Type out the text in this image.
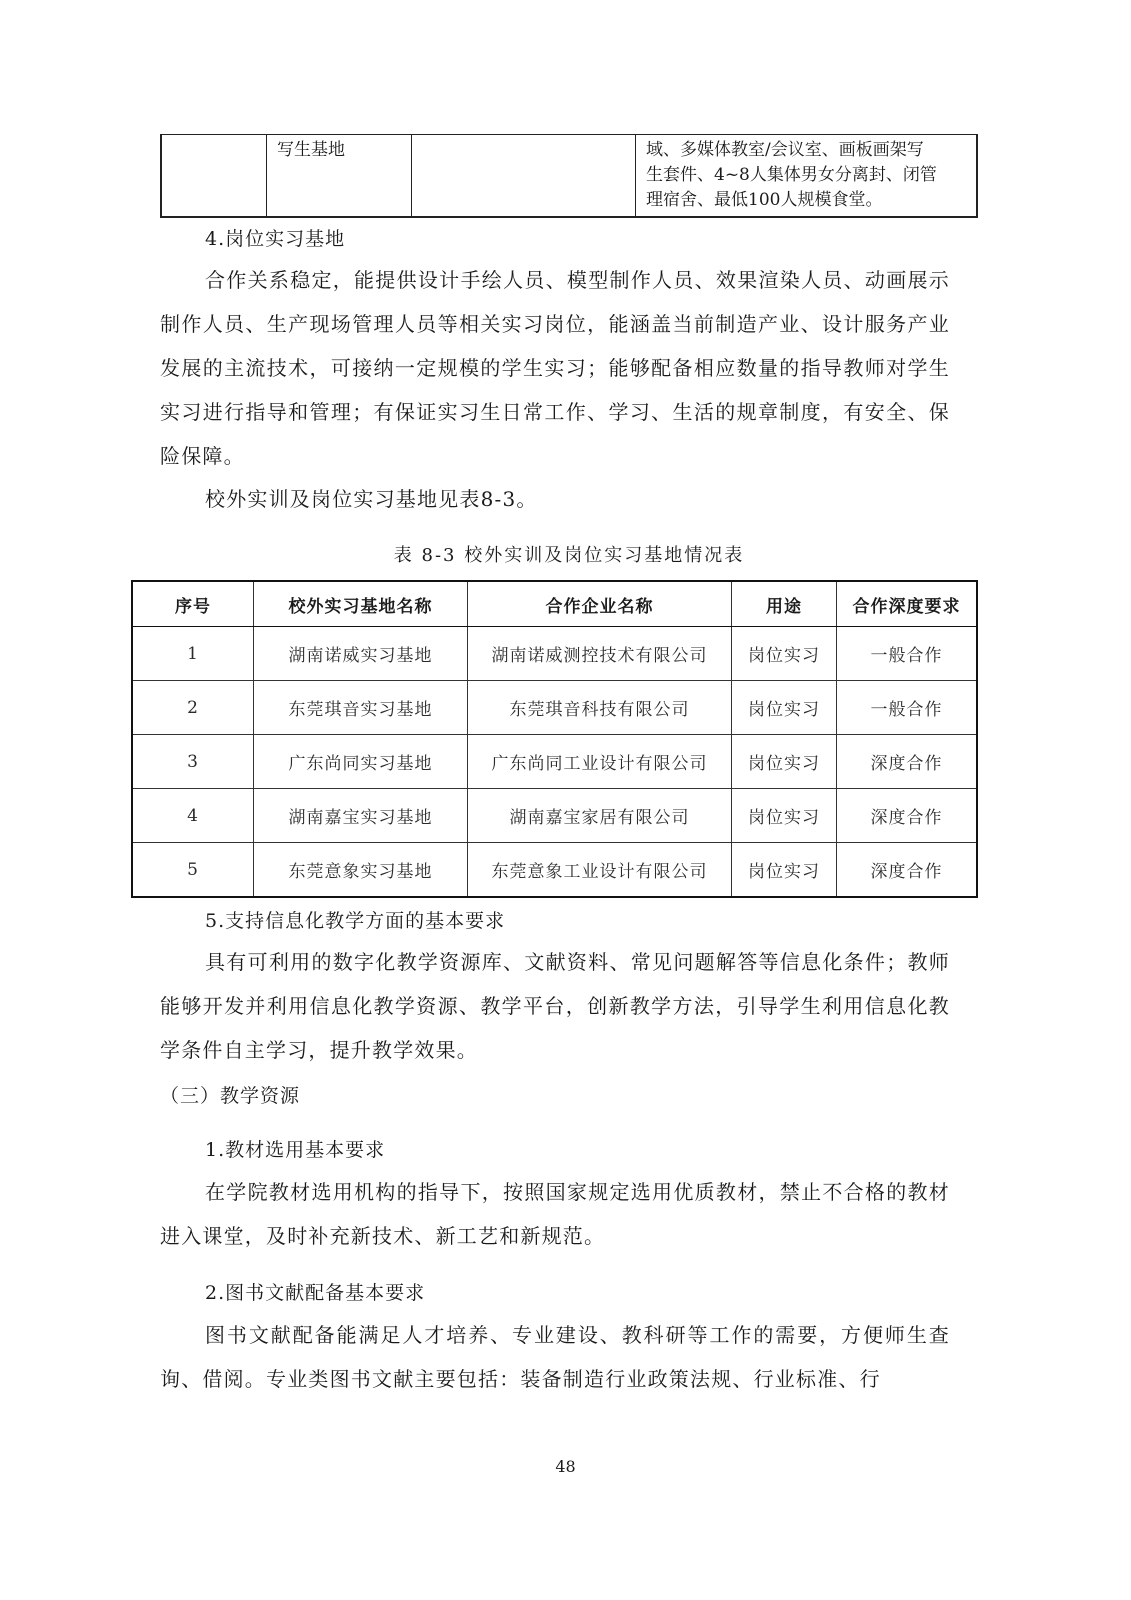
	写生基地		域、多媒体教室/会议室、画板画架写
生套件、4~8人集体男女分离封、闭管
理宿舍、最低100人规模食堂。
4.岗位实习基地
合作关系稳定，能提供设计手绘人员、模型制作人员、效果渲染人员、动画展示制作人员、生产现场管理人员等相关实习岗位，能涵盖当前制造产业、设计服务产业发展的主流技术，可接纳一定规模的学生实习；能够配备相应数量的指导教师对学生实习进行指导和管理；有保证实习生日常工作、学习、生活的规章制度，有安全、保险保障。
校外实训及岗位实习基地见表8-3。
表 8-3 校外实训及岗位实习基地情况表
序号	校外实习基地名称	合作企业名称	用途	合作深度要求
1	湖南诺威实习基地	湖南诺威测控技术有限公司	岗位实习	一般合作
2	东莞琪音实习基地	东莞琪音科技有限公司	岗位实习	一般合作
3	广东尚同实习基地	广东尚同工业设计有限公司	岗位实习	深度合作
4	湖南嘉宝实习基地	湖南嘉宝家居有限公司	岗位实习	深度合作
5	东莞意象实习基地	东莞意象工业设计有限公司	岗位实习	深度合作
5.支持信息化教学方面的基本要求
具有可利用的数字化教学资源库、文献资料、常见问题解答等信息化条件；教师能够开发并利用信息化教学资源、教学平台，创新教学方法，引导学生利用信息化教学条件自主学习，提升教学效果。
（三）教学资源
1.教材选用基本要求
在学院教材选用机构的指导下，按照国家规定选用优质教材，禁止不合格的教材进入课堂，及时补充新技术、新工艺和新规范。
2.图书文献配备基本要求
图书文献配备能满足人才培养、专业建设、教科研等工作的需要，方便师生查询、借阅。专业类图书文献主要包括：装备制造行业政策法规、行业标准、行
48
